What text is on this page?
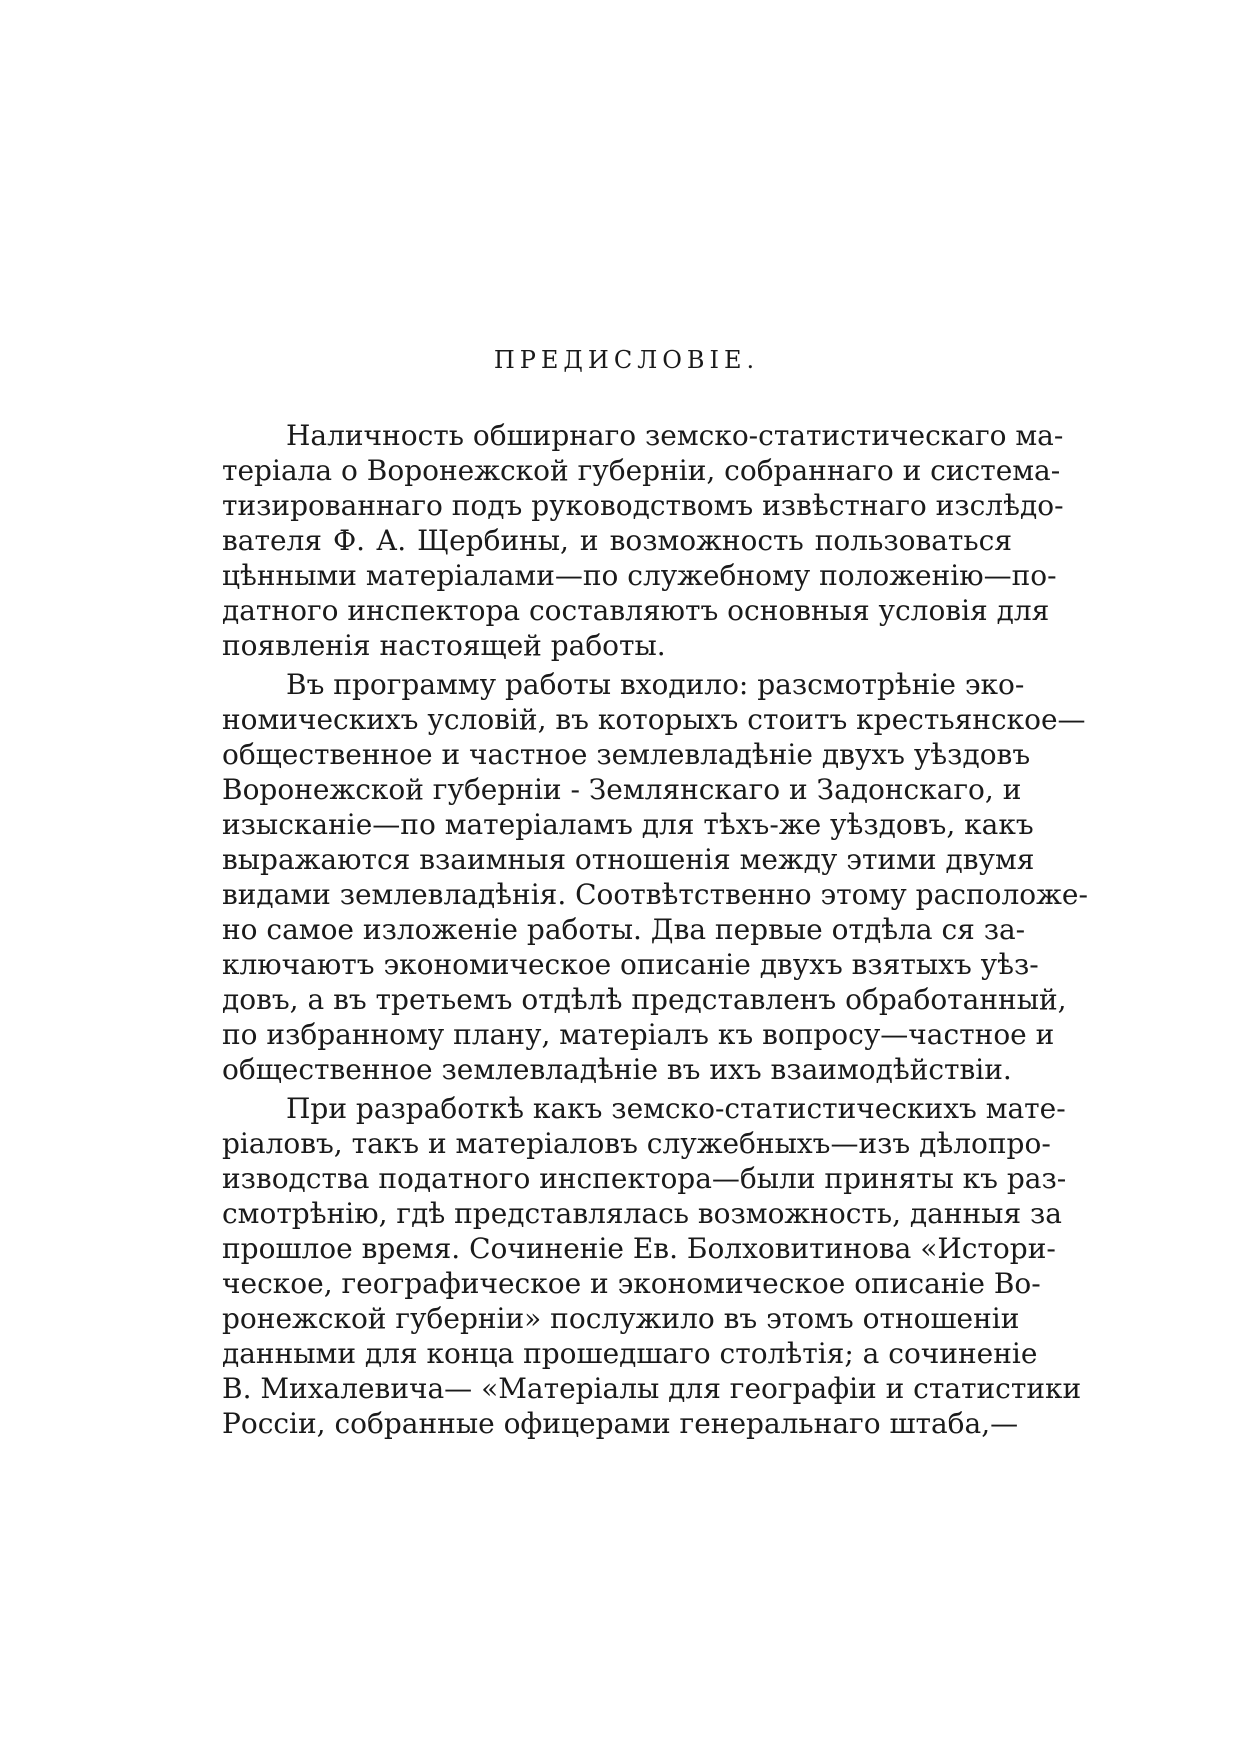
ПРЕДИСЛОВІЕ.
Наличность обширнаго земско-статистическаго ма-
теріала о Воронежской губерніи, собраннаго и система-
тизированнаго подъ руководствомъ извѣстнаго изслѣдо-
вателя Ф. А. Щербины, и возможность пользоваться
цѣнными матеріалами—по служебному положенію—по-
датного инспектора составляютъ основныя условія для
появленія настоящей работы.
Въ программу работы входило: разсмотрѣніе эко-
номическихъ условій, въ которыхъ стоитъ крестьянское—
общественное и частное землевладѣніе двухъ уѣздовъ
Воронежской губерніи - Землянскаго и Задонскаго, и
изысканіе—по матеріаламъ для тѣхъ-же уѣздовъ, какъ
выражаются взаимныя отношенія между этими двумя
видами землевладѣнія. Соотвѣтственно этому расположе-
но самое изложеніе работы. Два первые отдѣла ся за-
ключаютъ экономическое описаніе двухъ взятыхъ уѣз-
довъ, а въ третьемъ отдѣлѣ представленъ обработанный,
по избранному плану, матеріалъ къ вопросу—частное и
общественное землевладѣніе въ ихъ взаимодѣйствіи.
При разработкѣ какъ земско-статистическихъ мате-
ріаловъ, такъ и матеріаловъ служебныхъ—изъ дѣлопро-
изводства податного инспектора—были приняты къ раз-
смотрѣнію, гдѣ представлялась возможность, данныя за
прошлое время. Сочиненіе Ев. Болховитинова «Истори-
ческое, географическое и экономическое описаніе Во-
ронежской губерніи» послужило въ этомъ отношеніи
данными для конца прошедшаго столѣтія; а сочиненіе
В. Михалевича— «Матеріалы для географіи и статистики
Россіи, собранные офицерами генеральнаго штаба,—
